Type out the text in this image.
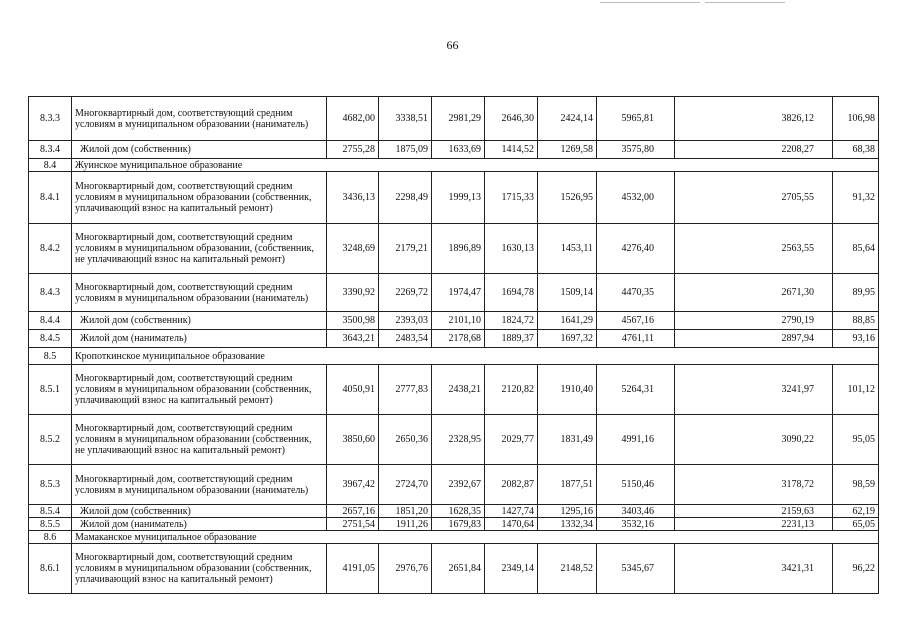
66
8.3.3	Многоквартирный дом, соответствующий средним условиям в муниципальном образовании (наниматель)	4682,00	3338,51	2981,29	2646,30	2424,14	5965,81	3826,12	106,98
8.3.4	Жилой дом (собственник)	2755,28	1875,09	1633,69	1414,52	1269,58	3575,80	2208,27	68,38
8.4	Жуинское муниципальное образование								
8.4.1	Многоквартирный дом, соответствующий средним условиям в муниципальном образовании (собственник, уплачивающий взнос на капитальный ремонт)	3436,13	2298,49	1999,13	1715,33	1526,95	4532,00	2705,55	91,32
8.4.2	Многоквартирный дом, соответствующий средним условиям в муниципальном образовании, (собственник, не уплачивающий взнос на капитальный ремонт)	3248,69	2179,21	1896,89	1630,13	1453,11	4276,40	2563,55	85,64
8.4.3	Многоквартирный дом, соответствующий средним условиям в муниципальном образовании (наниматель)	3390,92	2269,72	1974,47	1694,78	1509,14	4470,35	2671,30	89,95
8.4.4	Жилой дом (собственник)	3500,98	2393,03	2101,10	1824,72	1641,29	4567,16	2790,19	88,85
8.4.5	Жилой дом (наниматель)	3643,21	2483,54	2178,68	1889,37	1697,32	4761,11	2897,94	93,16
8.5	Кропоткинское муниципальное образование								
8.5.1	Многоквартирный дом, соответствующий средним условиям в муниципальном образовании (собственник, уплачивающий взнос на капитальный ремонт)	4050,91	2777,83	2438,21	2120,82	1910,40	5264,31	3241,97	101,12
8.5.2	Многоквартирный дом, соответствующий средним условиям в муниципальном образовании (собственник, не уплачивающий взнос на капитальный ремонт)	3850,60	2650,36	2328,95	2029,77	1831,49	4991,16	3090,22	95,05
8.5.3	Многоквартирный дом, соответствующий средним условиям в муниципальном образовании (наниматель)	3967,42	2724,70	2392,67	2082,87	1877,51	5150,46	3178,72	98,59
8.5.4	Жилой дом (собственник)	2657,16	1851,20	1628,35	1427,74	1295,16	3403,46	2159,63	62,19
8.5.5	Жилой дом (наниматель)	2751,54	1911,26	1679,83	1470,64	1332,34	3532,16	2231,13	65,05
8.6	Мамаканское муниципальное образование								
8.6.1	Многоквартирный дом, соответствующий средним условиям в муниципальном образовании (собственник, уплачивающий взнос на капитальный ремонт)	4191,05	2976,76	2651,84	2349,14	2148,52	5345,67	3421,31	96,22
